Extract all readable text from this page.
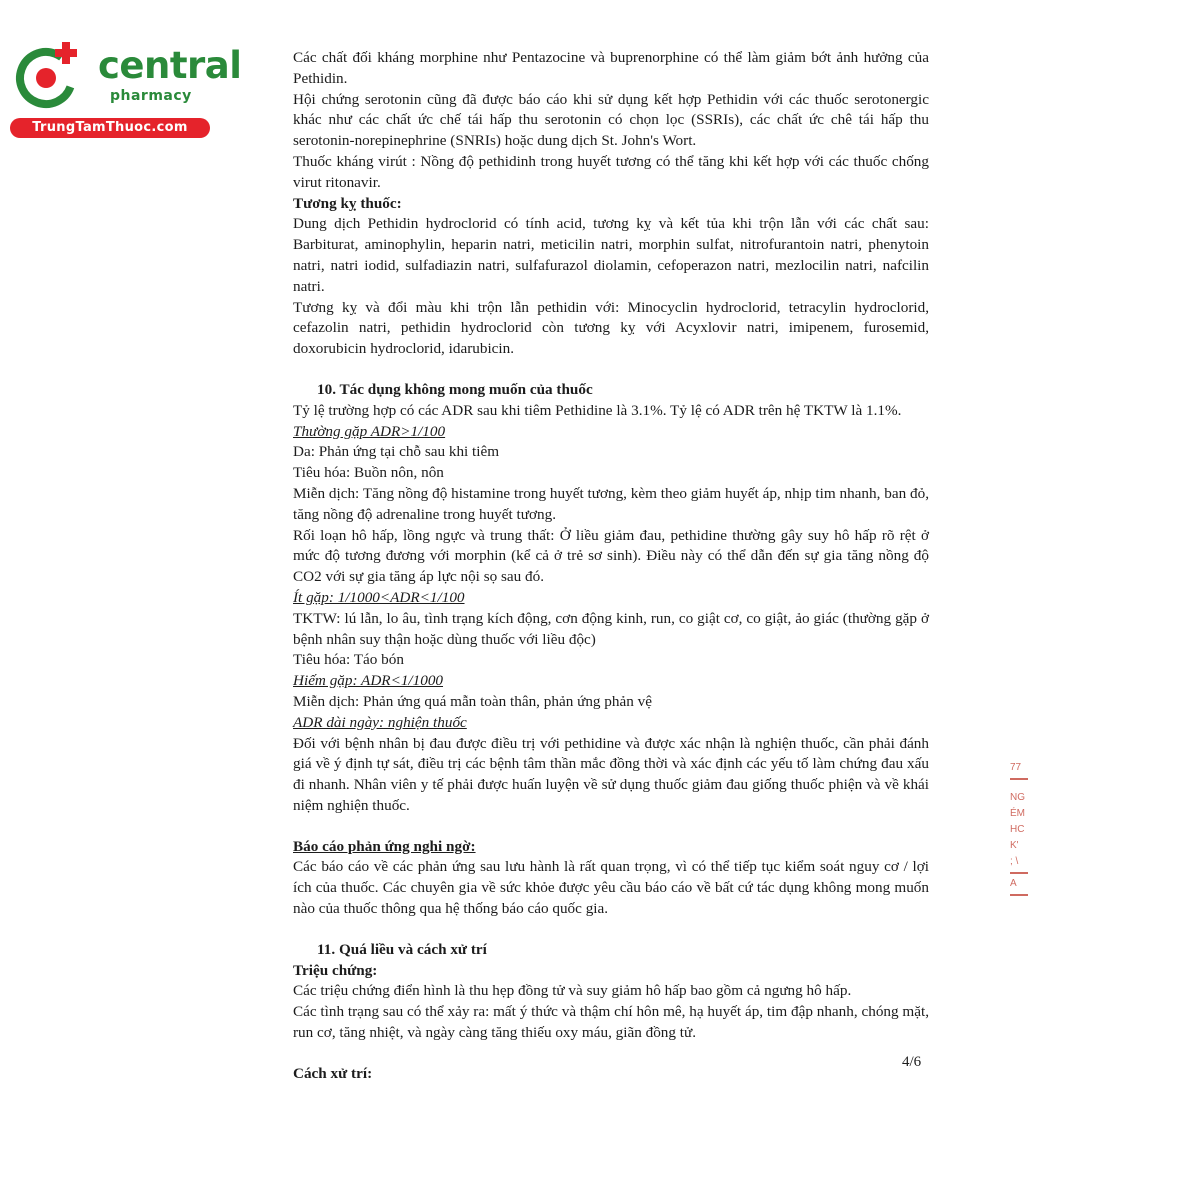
central
pharmacy
TrungTamThuoc.com
77
NG
ÉM
HC
K'
; \
A

Các chất đối kháng morphine như Pentazocine và buprenorphine có thể làm giảm bớt ảnh hưởng của Pethidin.

Hội chứng serotonin cũng đã được báo cáo khi sử dụng kết hợp Pethidin với các thuốc serotonergic khác như các chất ức chế tái hấp thu serotonin có chọn lọc (SSRIs), các chất ức chê tái hấp thu serotonin-norepinephrine (SNRIs) hoặc dung dịch St. John's Wort.

Thuốc kháng virút : Nồng độ pethidinh trong huyết tương có thể tăng khi kết hợp với các thuốc chống virut ritonavir.

Tương kỵ thuốc:

Dung dịch Pethidin hydroclorid có tính acid, tương kỵ và kết tủa khi trộn lẫn với các chất sau: Barbiturat, aminophylin, heparin natri, meticilin natri, morphin sulfat, nitrofurantoin natri, phenytoin natri, natri iodid, sulfadiazin natri, sulfafurazol diolamin, cefoperazon natri, mezlocilin natri, nafcilin natri.

Tương kỵ và đổi màu khi trộn lẫn pethidin với: Minocyclin hydroclorid, tetracylin hydroclorid, cefazolin natri, pethidin hydroclorid còn tương kỵ với Acyxlovir natri, imipenem, furosemid, doxorubicin hydroclorid, idarubicin.

10. Tác dụng không mong muốn của thuốc

Tỷ lệ trường hợp có các ADR sau khi tiêm Pethidine là 3.1%. Tỷ lệ có ADR trên hệ TKTW là 1.1%.

Thường gặp ADR>1/100

Da: Phản ứng tại chỗ sau khi tiêm

Tiêu hóa: Buồn nôn, nôn

Miễn dịch: Tăng nồng độ histamine trong huyết tương, kèm theo giảm huyết áp, nhịp tim nhanh, ban đỏ, tăng nồng độ adrenaline trong huyết tương.

Rối loạn hô hấp, lồng ngực và trung thất: Ở liều giảm đau, pethidine thường gây suy hô hấp rõ rệt ở mức độ tương đương với morphin (kể cả ở trẻ sơ sinh). Điều này có thể dẫn đến sự gia tăng nồng độ CO2 với sự gia tăng áp lực nội sọ sau đó.

Ít gặp: 1/1000<ADR<1/100

TKTW: lú lẫn, lo âu, tình trạng kích động, cơn động kinh, run, co giật cơ, co giật, ảo giác (thường gặp ở bệnh nhân suy thận hoặc dùng thuốc với liều độc)

Tiêu hóa: Táo bón

Hiếm gặp: ADR<1/1000

Miễn dịch: Phản ứng quá mẫn toàn thân, phản ứng phản vệ

ADR dài ngày: nghiện thuốc

Đối với bệnh nhân bị đau được điều trị với pethidine và được xác nhận là nghiện thuốc, cần phải đánh giá về ý định tự sát, điều trị các bệnh tâm thần mắc đồng thời và xác định các yếu tố làm chứng đau xấu đi nhanh. Nhân viên y tế phải được huấn luyện về sử dụng thuốc giảm đau giống thuốc phiện và về khái niệm nghiện thuốc.

Báo cáo phản ứng nghi ngờ:

Các báo cáo về các phản ứng sau lưu hành là rất quan trọng, vì có thể tiếp tục kiểm soát nguy cơ / lợi ích của thuốc. Các chuyên gia về sức khỏe được yêu cầu báo cáo về bất cứ tác dụng không mong muốn nào của thuốc thông qua hệ thống báo cáo quốc gia.

11. Quá liều và cách xử trí

Triệu chứng:

Các triệu chứng điển hình là thu hẹp đồng tử và suy giảm hô hấp bao gồm cả ngưng hô hấp.

Các tình trạng sau có thể xảy ra: mất ý thức và thậm chí hôn mê, hạ huyết áp, tim đập nhanh, chóng mặt, run cơ, tăng nhiệt, và ngày càng tăng thiếu oxy máu, giãn đồng tử.

Cách xử trí:

4/6
